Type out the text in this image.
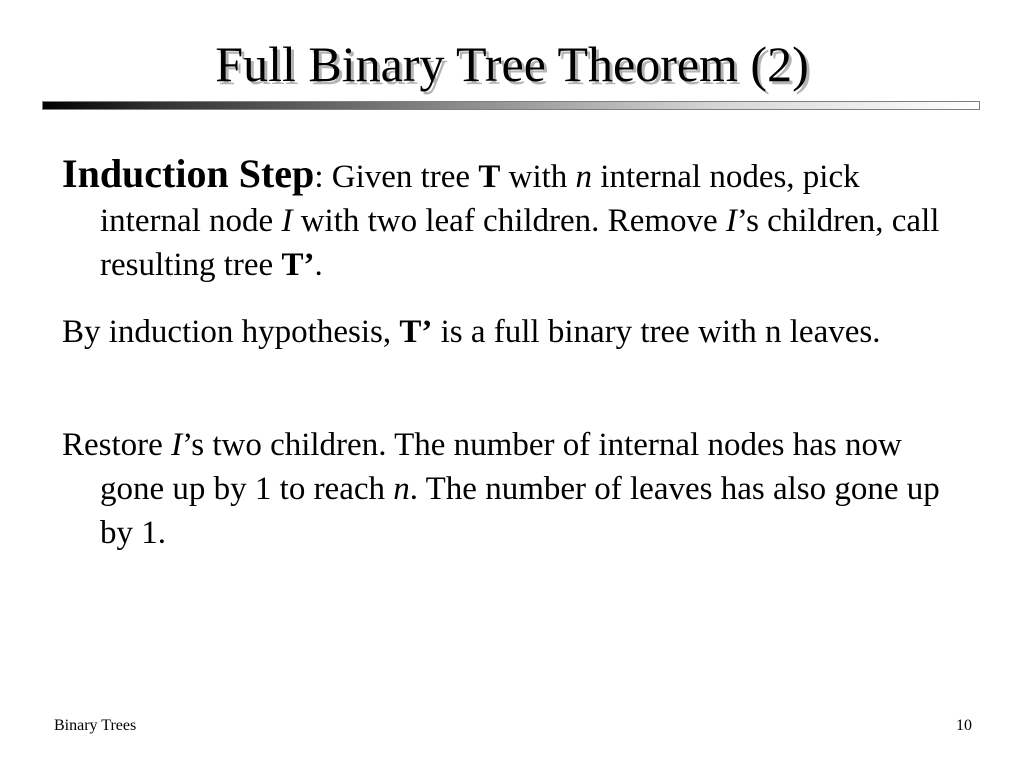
Full Binary Tree Theorem (2)
Induction Step: Given tree T with n internal nodes, pick internal node I with two leaf children. Remove I’s children, call resulting tree T’.
By induction hypothesis, T’ is a full binary tree with n leaves.
Restore I’s two children. The number of internal nodes has now gone up by 1 to reach n. The number of leaves has also gone up by 1.
Binary Trees	10
